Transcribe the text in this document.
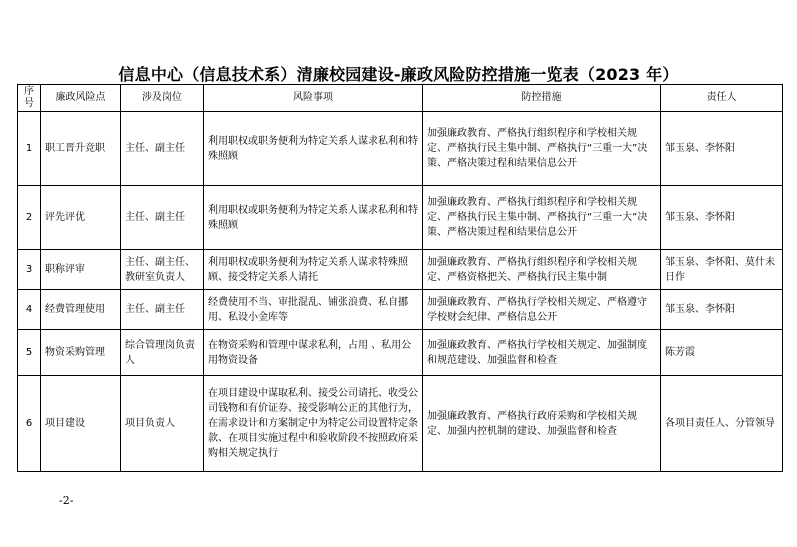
信息中心（信息技术系）清廉校园建设-廉政风险防控措施一览表（2023 年）
序号	廉政风险点	涉及岗位	风险事项	防控措施	责任人
1	职工晋升竞职	主任、副主任	利用职权或职务便利为特定关系人谋求私利和特殊照顾	加强廉政教育、严格执行组织程序和学校相关规定、严格执行民主集中制、严格执行“三重一大”决策、严格决策过程和结果信息公开	邹玉泉、李怀阳
2	评先评优	主任、副主任	利用职权或职务便利为特定关系人谋求私利和特殊照顾	加强廉政教育、严格执行组织程序和学校相关规定、严格执行民主集中制、严格执行“三重一大”决策、严格决策过程和结果信息公开	邹玉泉、李怀阳
3	职称评审	主任、副主任、教研室负责人	利用职权或职务便利为特定关系人谋求特殊照顾、接受特定关系人请托	加强廉政教育、严格执行组织程序和学校相关规定、严格资格把关、严格执行民主集中制	邹玉泉、李怀阳、莫什未日作
4	经费管理使用	主任、副主任	经费使用不当、审批混乱、铺张浪费、私自挪用、私设小金库等	加强廉政教育、严格执行学校相关规定、严格遵守学校财会纪律、严格信息公开	邹玉泉、李怀阳
5	物资采购管理	综合管理岗负责人	在物资采购和管理中谋求私利，占用 、私用公用物资设备	加强廉政教育、严格执行学校相关规定、加强制度和规范建设、加强监督和检查	陈芳霞
6	项目建设	项目负责人	在项目建设中谋取私利、接受公司请托、收受公司钱物和有价证券、接受影响公正的其他行为，在需求设计和方案制定中为特定公司设置特定条款、在项目实施过程中和验收阶段不按照政府采购相关规定执行	加强廉政教育、严格执行政府采购和学校相关规定、加强内控机制的建设、加强监督和检查	各项目责任人、分管领导
-2-
